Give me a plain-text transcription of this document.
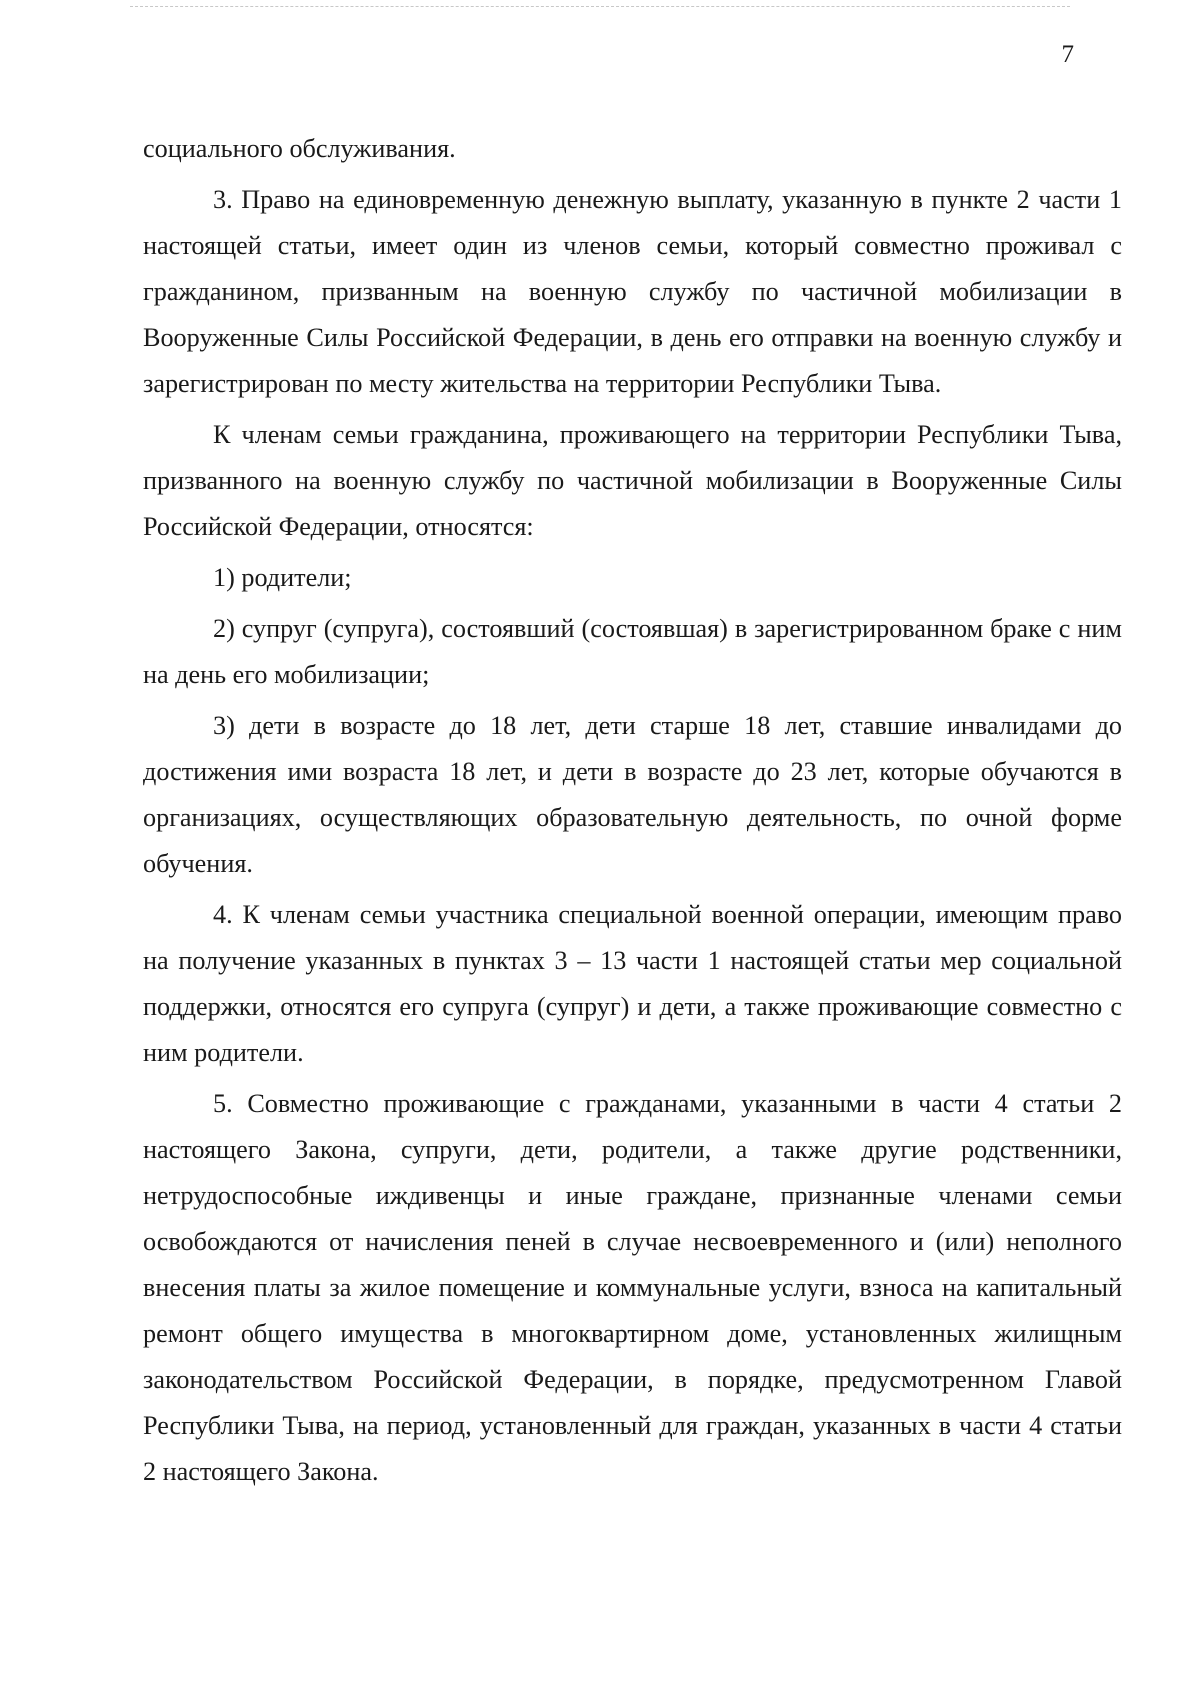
7

социального обслуживания.

3. Право на единовременную денежную выплату, указанную в пункте 2 части 1 настоящей статьи, имеет один из членов семьи, который совместно проживал с гражданином, призванным на военную службу по частичной мобилизации в Вооруженные Силы Российской Федерации, в день его отправки на военную службу и зарегистрирован по месту жительства на территории Республики Тыва.

К членам семьи гражданина, проживающего на территории Республики Тыва, призванного на военную службу по частичной мобилизации в Вооруженные Силы Российской Федерации, относятся:

1) родители;

2) супруг (супруга), состоявший (состоявшая) в зарегистрированном браке с ним на день его мобилизации;

3) дети в возрасте до 18 лет, дети старше 18 лет, ставшие инвалидами до достижения ими возраста 18 лет, и дети в возрасте до 23 лет, которые обучаются в организациях, осуществляющих образовательную деятельность, по очной форме обучения.

4. К членам семьи участника специальной военной операции, имеющим право на получение указанных в пунктах 3 – 13 части 1 настоящей статьи мер социальной поддержки, относятся его супруга (супруг) и дети, а также проживающие совместно с ним родители.

5. Совместно проживающие с гражданами, указанными в части 4 статьи 2 настоящего Закона, супруги, дети, родители, а также другие родственники, нетрудоспособные иждивенцы и иные граждане, признанные членами семьи освобождаются от начисления пеней в случае несвоевременного и (или) неполного внесения платы за жилое помещение и коммунальные услуги, взноса на капитальный ремонт общего имущества в многоквартирном доме, установленных жилищным законодательством Российской Федерации, в порядке, предусмотренном Главой Республики Тыва, на период, установленный для граждан, указанных в части 4 статьи 2 настоящего Закона.
